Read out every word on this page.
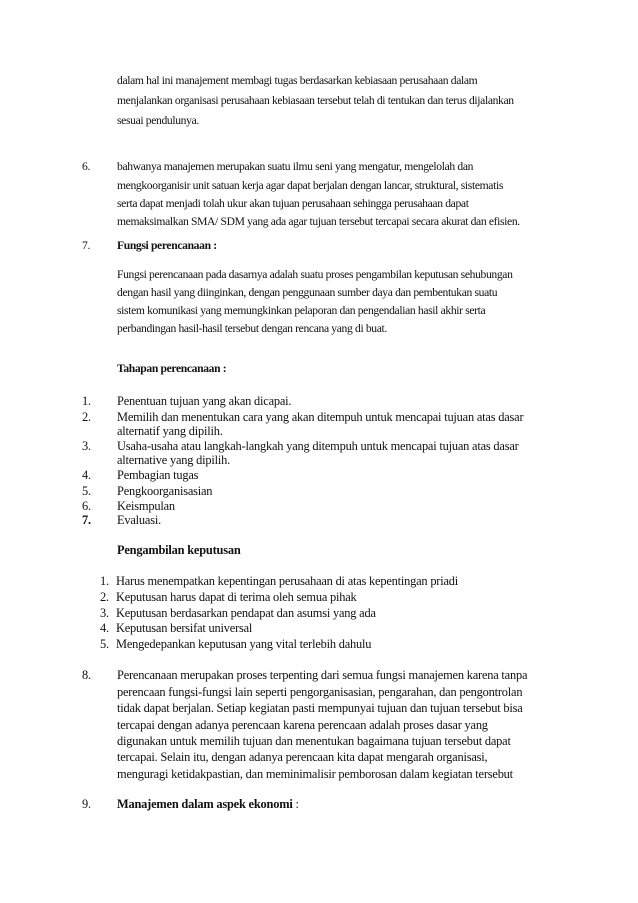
dalam hal ini manajement membagi tugas berdasarkan kebiasaan perusahaan dalam
menjalankan organisasi perusahaan kebiasaan tersebut telah di tentukan dan terus dijalankan
sesuai pendulunya.
6. bahwanya manajemen merupakan suatu ilmu seni yang mengatur, mengelolah dan
mengkoorganisir unit satuan kerja agar dapat berjalan dengan lancar, struktural, sistematis
serta dapat menjadi tolah ukur akan tujuan perusahaan sehingga perusahaan dapat
memaksimalkan SMA/ SDM yang ada agar tujuan tersebut tercapai secara akurat dan efisien.
7. Fungsi perencanaan :
Fungsi perencanaan pada dasarnya adalah suatu proses pengambilan keputusan sehubungan
dengan hasil yang diinginkan, dengan penggunaan sumber daya dan pembentukan suatu
sistem komunikasi yang memungkinkan pelaporan dan pengendalian hasil akhir serta
perbandingan hasil-hasil tersebut dengan rencana yang di buat.
Tahapan perencanaan :
1. Penentuan tujuan yang akan dicapai.
2. Memilih dan menentukan cara yang akan ditempuh untuk mencapai tujuan atas dasar
alternatif yang dipilih.
3. Usaha-usaha atau langkah-langkah yang ditempuh untuk mencapai tujuan atas dasar
alternative yang dipilih.
4. Pembagian tugas
5. Pengkoorganisasian
6. Keismpulan
7. Evaluasi.
Pengambilan keputusan
1. Harus menempatkan kepentingan perusahaan di atas kepentingan priadi
2. Keputusan harus dapat di terima oleh semua pihak
3. Keputusan berdasarkan pendapat dan asumsi yang ada
4. Keputusan bersifat universal
5. Mengedepankan keputusan yang vital terlebih dahulu
8. Perencanaan merupakan proses terpenting dari semua fungsi manajemen karena tanpa
perencaan fungsi-fungsi lain seperti pengorganisasian, pengarahan, dan pengontrolan
tidak dapat berjalan. Setiap kegiatan pasti mempunyai tujuan dan tujuan tersebut bisa
tercapai dengan adanya perencaan karena perencaan adalah proses dasar yang
digunakan untuk memilih tujuan dan menentukan bagaimana tujuan tersebut dapat
tercapai. Selain itu, dengan adanya perencaan kita dapat mengarah organisasi,
menguragi ketidakpastian, dan meminimalisir pemborosan dalam kegiatan tersebut
9. Manajemen dalam aspek ekonomi :
